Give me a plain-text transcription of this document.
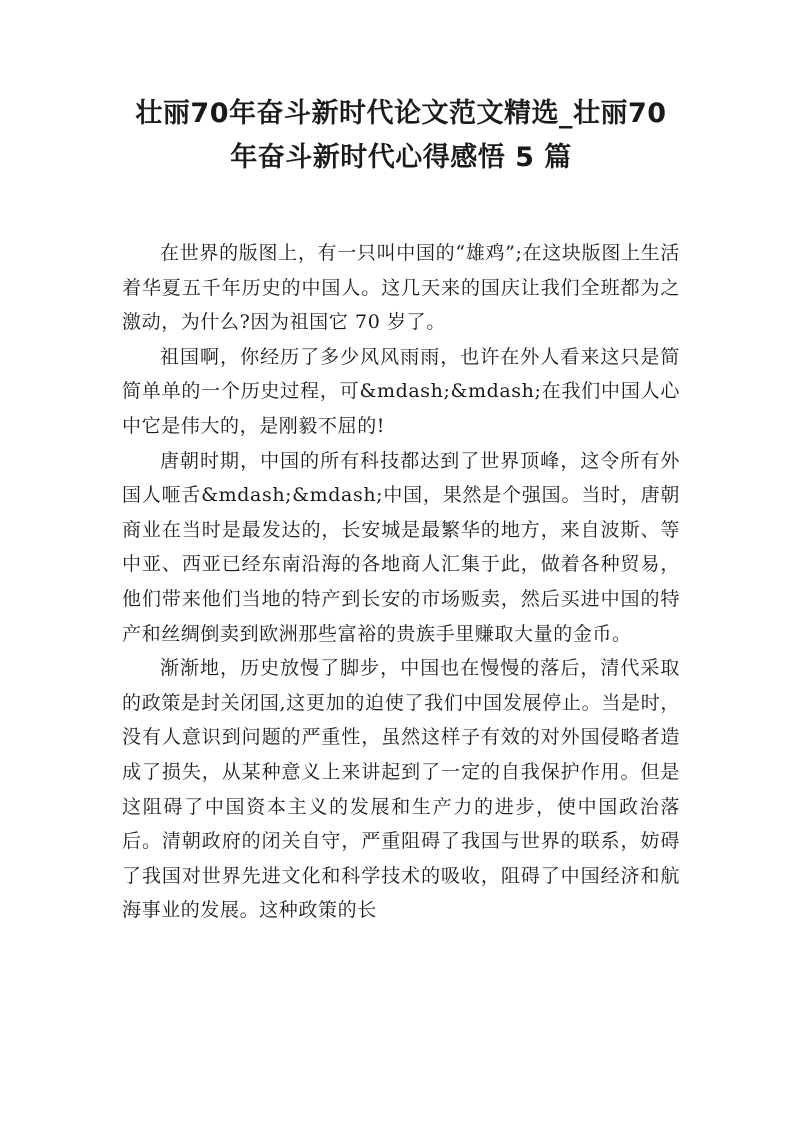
壮丽70年奋斗新时代论文范文精选_壮丽70
年奋斗新时代心得感悟 5 篇

在世界的版图上，有一只叫中国的“雄鸡”;在这块版图上生活着华夏五千年历史的中国人。这几天来的国庆让我们全班都为之激动，为什么?因为祖国它 70 岁了。

祖国啊，你经历了多少风风雨雨，也许在外人看来这只是简简单单的一个历史过程，可&mdash;&mdash;在我们中国人心中它是伟大的，是刚毅不屈的!

唐朝时期，中国的所有科技都达到了世界顶峰，这令所有外国人咂舌&mdash;&mdash;中国，果然是个强国。当时，唐朝商业在当时是最发达的，长安城是最繁华的地方，来自波斯、等中亚、西亚已经东南沿海的各地商人汇集于此，做着各种贸易，他们带来他们当地的特产到长安的市场贩卖，然后买进中国的特产和丝绸倒卖到欧洲那些富裕的贵族手里赚取大量的金币。

渐渐地，历史放慢了脚步，中国也在慢慢的落后，清代采取的政策是封关闭国,这更加的迫使了我们中国发展停止。当是时，没有人意识到问题的严重性，虽然这样子有效的对外国侵略者造成了损失，从某种意义上来讲起到了一定的自我保护作用。但是这阻碍了中国资本主义的发展和生产力的进步，使中国政治落后。清朝政府的闭关自守，严重阻碍了我国与世界的联系，妨碍了我国对世界先进文化和科学技术的吸收，阻碍了中国经济和航海事业的发展。这种政策的长
